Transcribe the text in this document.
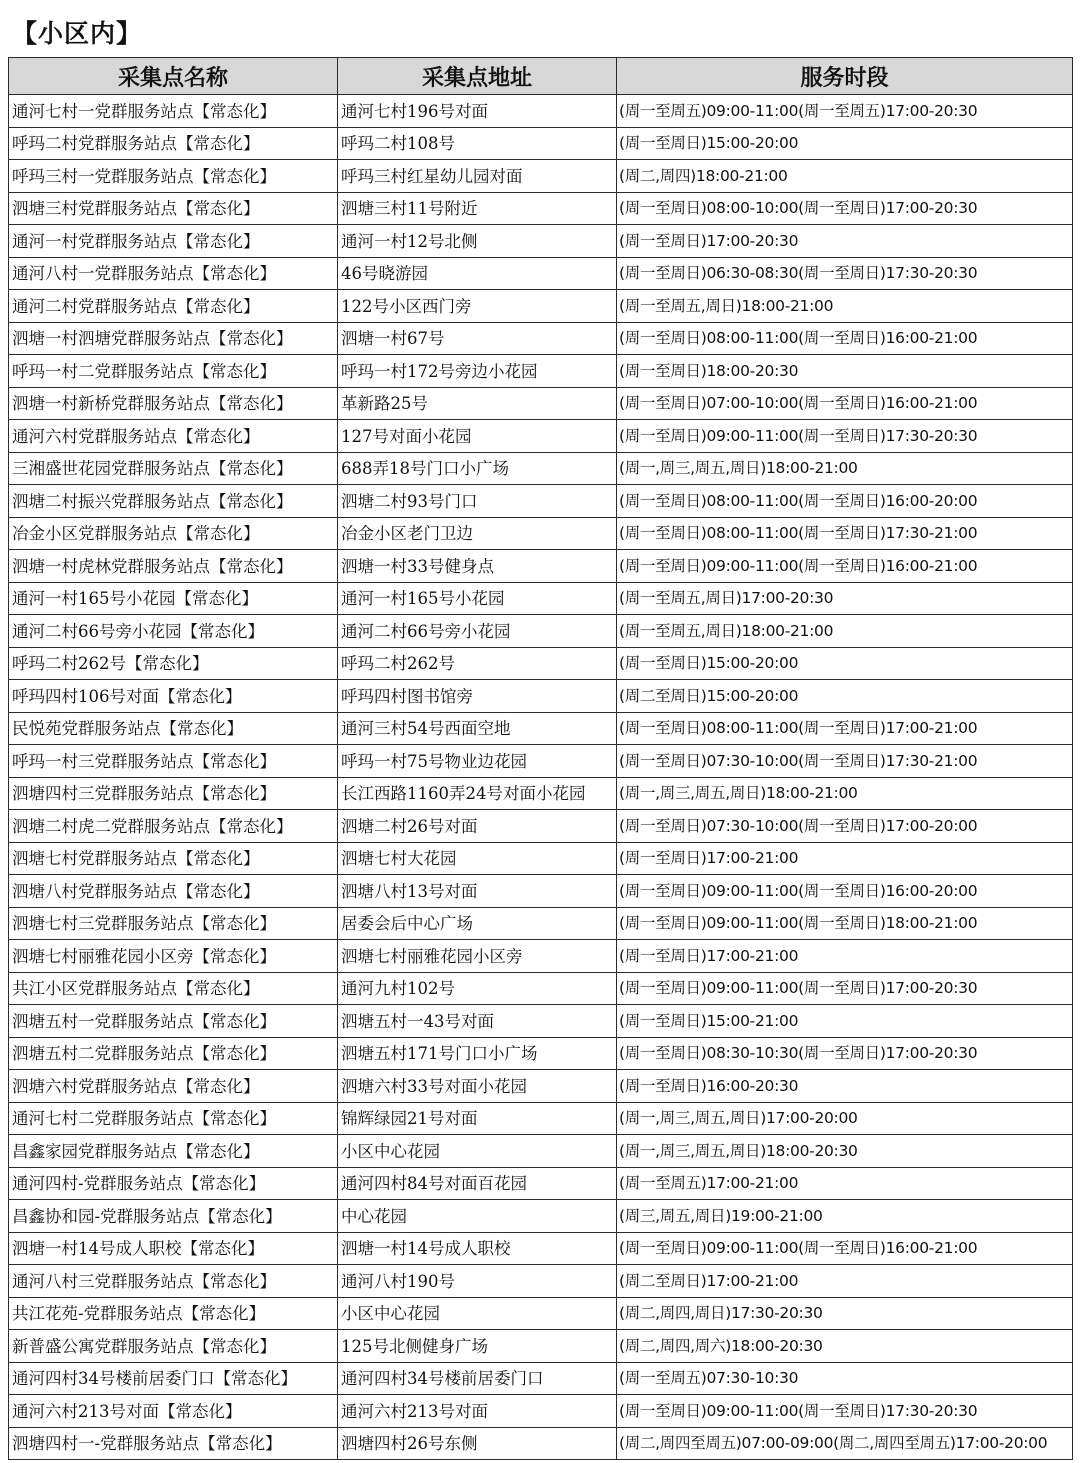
【小区内】
采集点名称	采集点地址	服务时段
通河七村一党群服务站点【常态化】	通河七村196号对面	(周一至周五)09:00-11:00(周一至周五)17:00-20:30
呼玛二村党群服务站点【常态化】	呼玛二村108号	(周一至周日)15:00-20:00
呼玛三村一党群服务站点【常态化】	呼玛三村红星幼儿园对面	(周二,周四)18:00-21:00
泗塘三村党群服务站点【常态化】	泗塘三村11号附近	(周一至周日)08:00-10:00(周一至周日)17:00-20:30
通河一村党群服务站点【常态化】	通河一村12号北侧	(周一至周日)17:00-20:30
通河八村一党群服务站点【常态化】	46号晓游园	(周一至周日)06:30-08:30(周一至周日)17:30-20:30
通河二村党群服务站点【常态化】	122号小区西门旁	(周一至周五,周日)18:00-21:00
泗塘一村泗塘党群服务站点【常态化】	泗塘一村67号	(周一至周日)08:00-11:00(周一至周日)16:00-21:00
呼玛一村二党群服务站点【常态化】	呼玛一村172号旁边小花园	(周一至周日)18:00-20:30
泗塘一村新桥党群服务站点【常态化】	革新路25号	(周一至周日)07:00-10:00(周一至周日)16:00-21:00
通河六村党群服务站点【常态化】	127号对面小花园	(周一至周日)09:00-11:00(周一至周日)17:30-20:30
三湘盛世花园党群服务站点【常态化】	688弄18号门口小广场	(周一,周三,周五,周日)18:00-21:00
泗塘二村振兴党群服务站点【常态化】	泗塘二村93号门口	(周一至周日)08:00-11:00(周一至周日)16:00-20:00
冶金小区党群服务站点【常态化】	冶金小区老门卫边	(周一至周日)08:00-11:00(周一至周日)17:30-21:00
泗塘一村虎林党群服务站点【常态化】	泗塘一村33号健身点	(周一至周日)09:00-11:00(周一至周日)16:00-21:00
通河一村165号小花园【常态化】	通河一村165号小花园	(周一至周五,周日)17:00-20:30
通河二村66号旁小花园【常态化】	通河二村66号旁小花园	(周一至周五,周日)18:00-21:00
呼玛二村262号【常态化】	呼玛二村262号	(周一至周日)15:00-20:00
呼玛四村106号对面【常态化】	呼玛四村图书馆旁	(周二至周日)15:00-20:00
民悦苑党群服务站点【常态化】	通河三村54号西面空地	(周一至周日)08:00-11:00(周一至周日)17:00-21:00
呼玛一村三党群服务站点【常态化】	呼玛一村75号物业边花园	(周一至周日)07:30-10:00(周一至周日)17:30-21:00
泗塘四村三党群服务站点【常态化】	长江西路1160弄24号对面小花园	(周一,周三,周五,周日)18:00-21:00
泗塘二村虎二党群服务站点【常态化】	泗塘二村26号对面	(周一至周日)07:30-10:00(周一至周日)17:00-20:00
泗塘七村党群服务站点【常态化】	泗塘七村大花园	(周一至周日)17:00-21:00
泗塘八村党群服务站点【常态化】	泗塘八村13号对面	(周一至周日)09:00-11:00(周一至周日)16:00-20:00
泗塘七村三党群服务站点【常态化】	居委会后中心广场	(周一至周日)09:00-11:00(周一至周日)18:00-21:00
泗塘七村丽雅花园小区旁【常态化】	泗塘七村丽雅花园小区旁	(周一至周日)17:00-21:00
共江小区党群服务站点【常态化】	通河九村102号	(周一至周日)09:00-11:00(周一至周日)17:00-20:30
泗塘五村一党群服务站点【常态化】	泗塘五村一43号对面	(周一至周日)15:00-21:00
泗塘五村二党群服务站点【常态化】	泗塘五村171号门口小广场	(周一至周日)08:30-10:30(周一至周日)17:00-20:30
泗塘六村党群服务站点【常态化】	泗塘六村33号对面小花园	(周一至周日)16:00-20:30
通河七村二党群服务站点【常态化】	锦辉绿园21号对面	(周一,周三,周五,周日)17:00-20:00
昌鑫家园党群服务站点【常态化】	小区中心花园	(周一,周三,周五,周日)18:00-20:30
通河四村-党群服务站点【常态化】	通河四村84号对面百花园	(周一至周五)17:00-21:00
昌鑫协和园-党群服务站点【常态化】	中心花园	(周三,周五,周日)19:00-21:00
泗塘一村14号成人职校【常态化】	泗塘一村14号成人职校	(周一至周日)09:00-11:00(周一至周日)16:00-21:00
通河八村三党群服务站点【常态化】	通河八村190号	(周二至周日)17:00-21:00
共江花苑-党群服务站点【常态化】	小区中心花园	(周二,周四,周日)17:30-20:30
新普盛公寓党群服务站点【常态化】	125号北侧健身广场	(周二,周四,周六)18:00-20:30
通河四村34号楼前居委门口【常态化】	通河四村34号楼前居委门口	(周一至周五)07:30-10:30
通河六村213号对面【常态化】	通河六村213号对面	(周一至周日)09:00-11:00(周一至周日)17:30-20:30
泗塘四村一-党群服务站点【常态化】	泗塘四村26号东侧	(周二,周四至周五)07:00-09:00(周二,周四至周五)17:00-20:00
